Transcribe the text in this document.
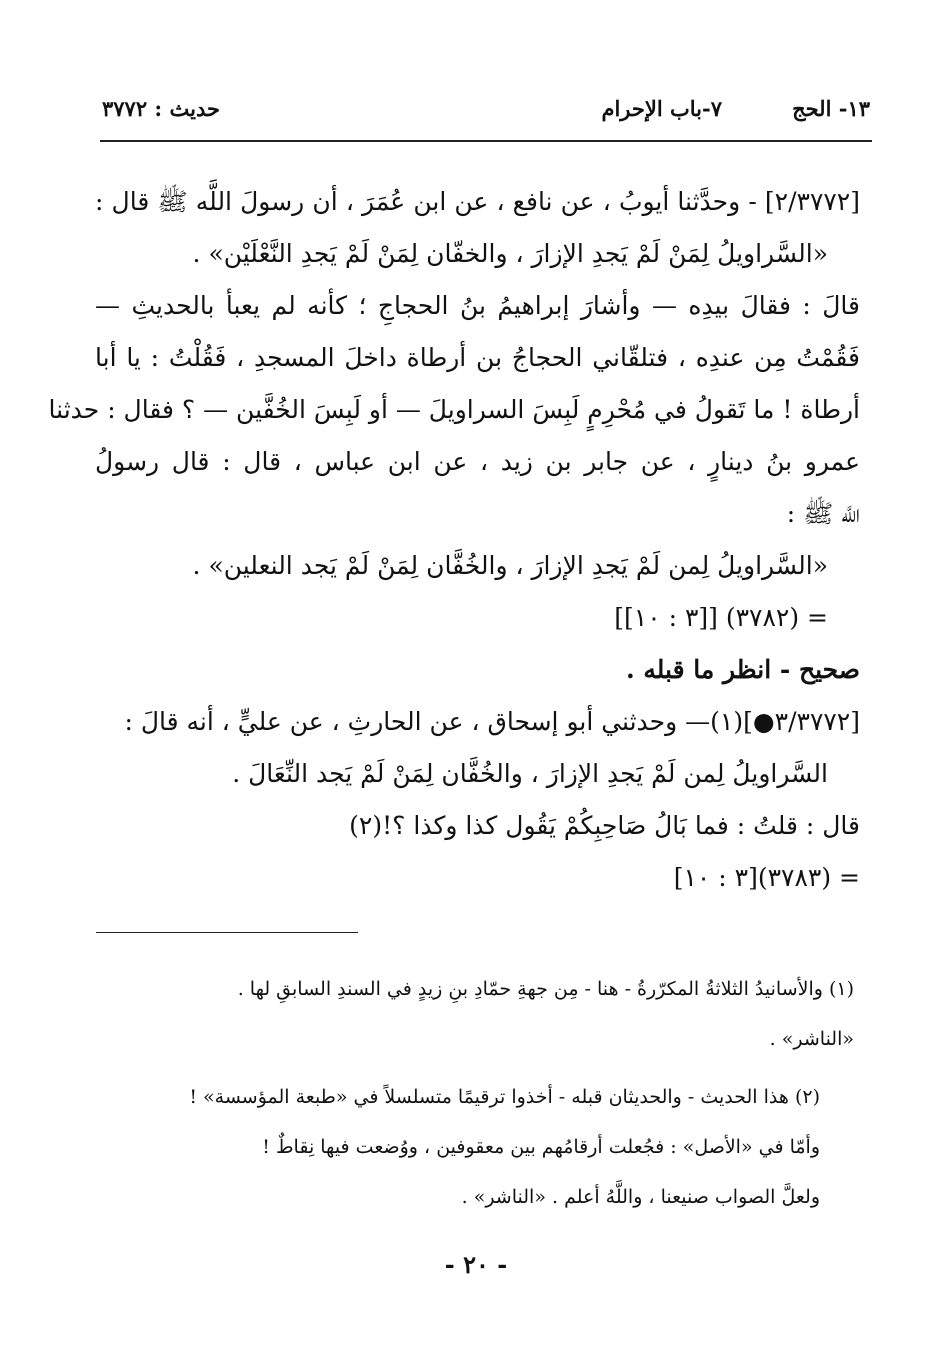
١٣- الحج
٧-باب الإحرام
حديث : ٣٧٧٢
[٢/٣٧٧٢] - وحدَّثنا أيوبُ ، عن نافع ، عن ابن عُمَرَ ، أن رسولَ اللَّه ﷺ قال :
«السَّراويلُ لِمَنْ لَمْ يَجدِ الإزارَ ، والخفّان لِمَنْ لَمْ يَجدِ النَّعْلَيْن» .
قالَ : فقالَ بيدِه — وأشارَ إبراهيمُ بنُ الحجاجِ ؛ كأنه لم يعبأ بالحديثِ —
فَقُمْتُ مِن عندِه ، فتلقّاني الحجاجُ بن أرطاة داخلَ المسجدِ ، فَقُلْتُ : يا أبا
أرطاة ! ما تَقولُ في مُحْرِمٍ لَبِسَ السراويلَ — أو لَبِسَ الخُفَّين — ؟ فقال : حدثنا
عمرو بنُ دينارٍ ، عن جابر بن زيد ، عن ابن عباس ، قال : قال رسولُ
اللَّه ﷺ :
«السَّراويلُ لِمن لَمْ يَجدِ الإزارَ ، والخُفَّان لِمَنْ لَمْ يَجد النعلين» .
= (٣٧٨٢) [[٣ : ١٠]]
صحيح - انظر ما قبله .
[٣/٣٧٧٢●](١)— وحدثني أبو إسحاق ، عن الحارثِ ، عن عليٍّ ، أنه قالَ :
السَّراويلُ لِمن لَمْ يَجدِ الإزارَ ، والخُفَّان لِمَنْ لَمْ يَجد النِّعَالَ .
قال : قلتُ : فما بَالُ صَاحِبِكُمْ يَقُول كذا وكذا ؟!(٢)
= (٣٧٨٣)[٣ : ١٠]
(١) والأسانيدُ الثلاثةُ المكرّرةُ - هنا - مِن جهةِ حمّادِ بنِ زيدٍ في السندِ السابقِ لها .
«الناشر» .
(٢) هذا الحديث - والحديثان قبله - أخذوا ترقيمًا متسلسلاً في «طبعة المؤسسة» !
وأمّا في «الأصل» : فجُعلت أرقامُهم بين معقوفين ، ووُضعت فيها نِقاطٌ !
ولعلَّ الصواب صنيعنا ، واللَّهُ أعلم . «الناشر» .
- ٢٠ -
